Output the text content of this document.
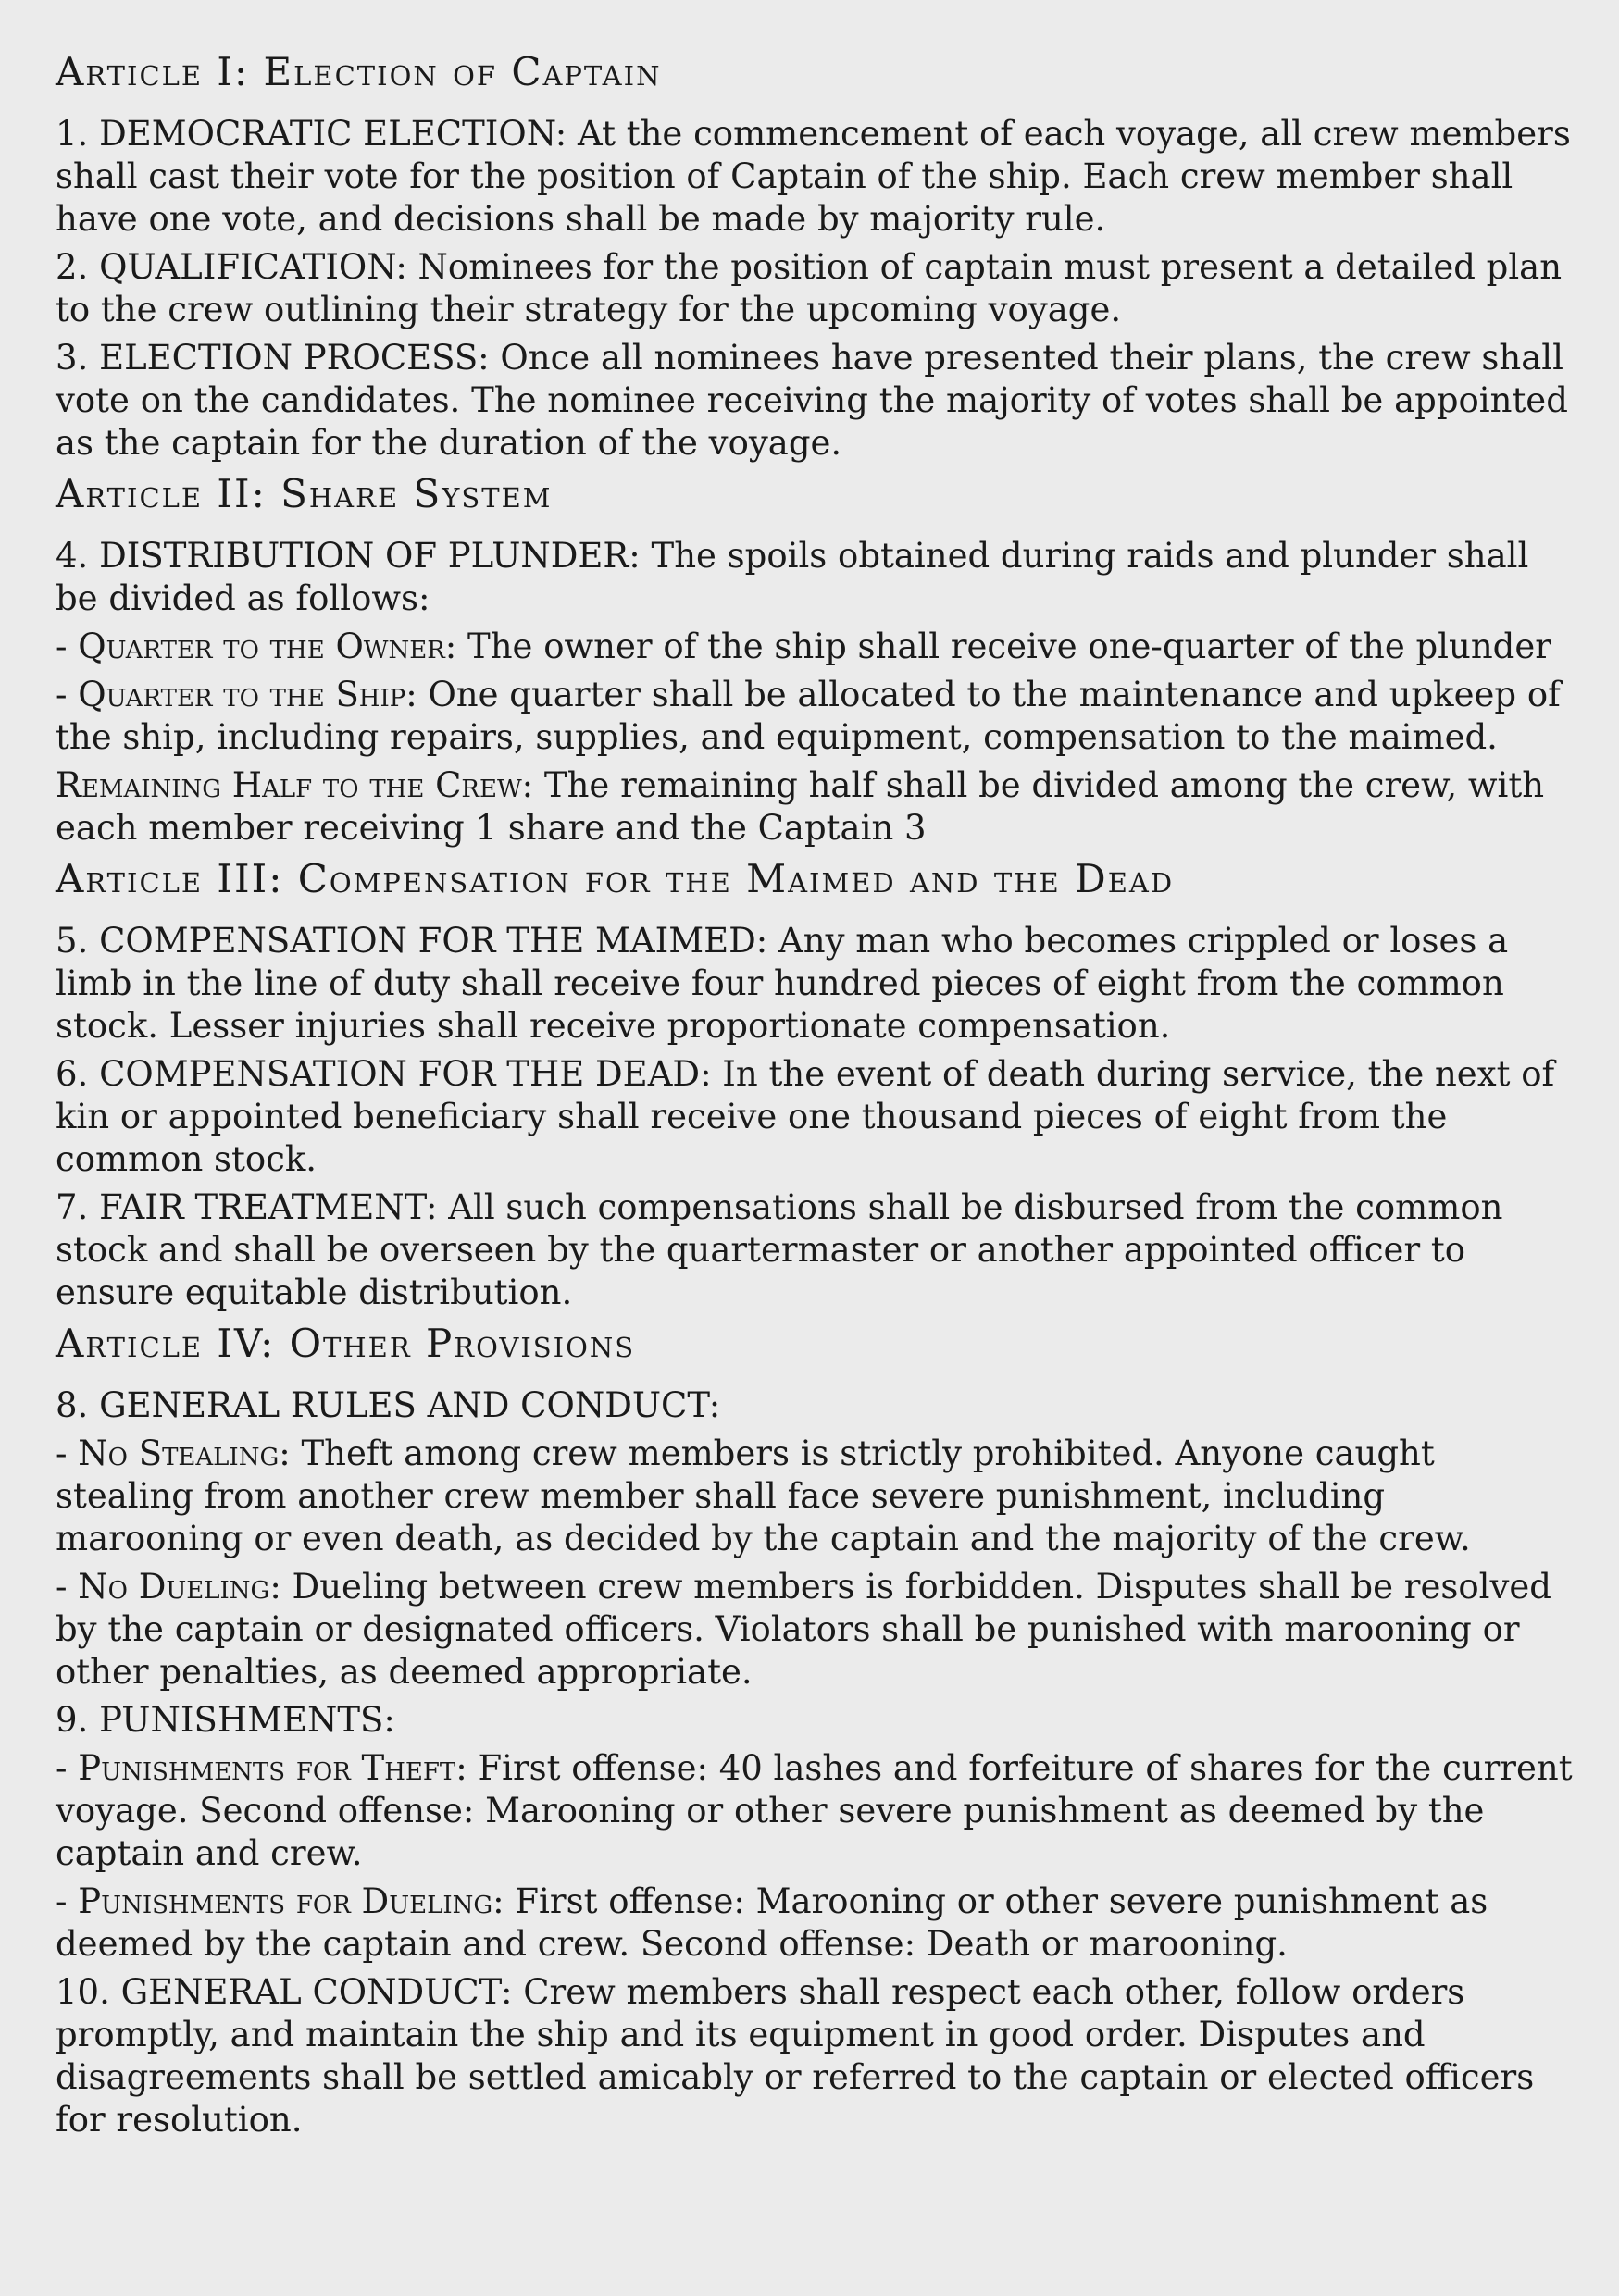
Article I: Election of Captain

1. DEMOCRATIC ELECTION: At the commencement of each voyage, all crew members shall cast their vote for the position of Captain of the ship. Each crew member shall have one vote, and decisions shall be made by majority rule.

2. QUALIFICATION: Nominees for the position of captain must present a detailed plan to the crew outlining their strategy for the upcoming voyage.

3. ELECTION PROCESS: Once all nominees have presented their plans, the crew shall vote on the candidates. The nominee receiving the majority of votes shall be appointed as the captain for the duration of the voyage.

Article II: Share System

4. DISTRIBUTION OF PLUNDER: The spoils obtained during raids and plunder shall be divided as follows:

- Quarter to the Owner: The owner of the ship shall receive one-quarter of the plunder

- Quarter to the Ship: One quarter shall be allocated to the maintenance and upkeep of the ship, including repairs, supplies, and equipment, compensation to the maimed.

Remaining Half to the Crew: The remaining half shall be divided among the crew, with each member receiving 1 share and the Captain 3

Article III: Compensation for the Maimed and the Dead

5. COMPENSATION FOR THE MAIMED: Any man who becomes crippled or loses a limb in the line of duty shall receive four hundred pieces of eight from the common stock. Lesser injuries shall receive proportionate compensation.

6. COMPENSATION FOR THE DEAD: In the event of death during service, the next of kin or appointed beneficiary shall receive one thousand pieces of eight from the common stock.

7. FAIR TREATMENT: All such compensations shall be disbursed from the common stock and shall be overseen by the quartermaster or another appointed officer to ensure equitable distribution.

Article IV: Other Provisions

8. GENERAL RULES AND CONDUCT:

- No Stealing: Theft among crew members is strictly prohibited. Anyone caught stealing from another crew member shall face severe punishment, including marooning or even death, as decided by the captain and the majority of the crew.

- No Dueling: Dueling between crew members is forbidden. Disputes shall be resolved by the captain or designated officers. Violators shall be punished with marooning or other penalties, as deemed appropriate.

9. PUNISHMENTS:

- Punishments for Theft: First offense: 40 lashes and forfeiture of shares for the current voyage. Second offense: Marooning or other severe punishment as deemed by the captain and crew.

- Punishments for Dueling: First offense: Marooning or other severe punishment as deemed by the captain and crew. Second offense: Death or marooning.

10. GENERAL CONDUCT: Crew members shall respect each other, follow orders promptly, and maintain the ship and its equipment in good order. Disputes and disagreements shall be settled amicably or referred to the captain or elected officers for resolution.
